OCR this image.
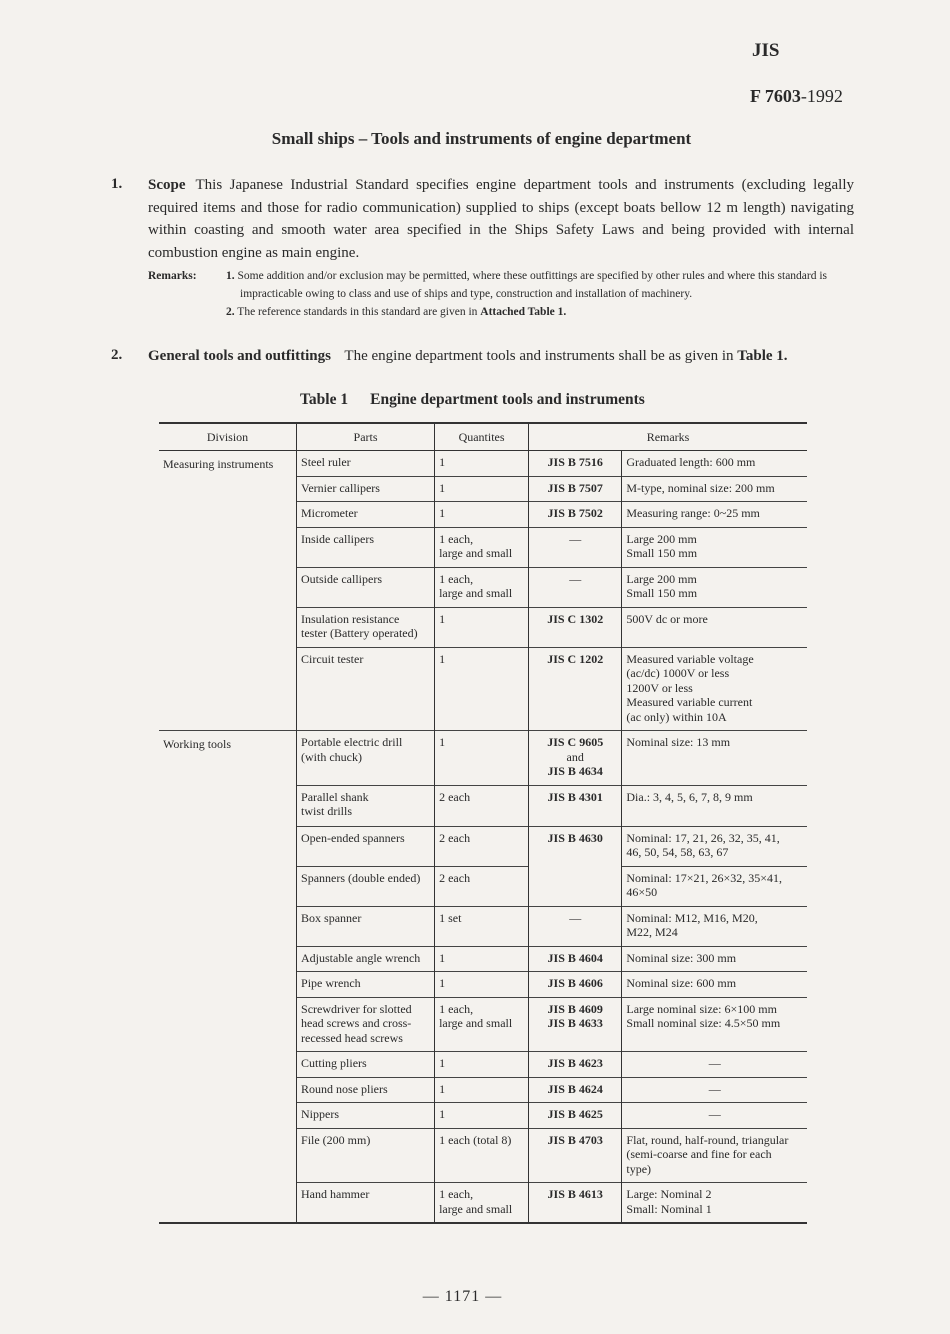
JIS
F 7603-1992
Small ships – Tools and instruments of engine department
1. Scope This Japanese Industrial Standard specifies engine department tools and instruments (excluding legally required items and those for radio communication) supplied to ships (except boats bellow 12 m length) navigating within coasting and smooth water area specified in the Ships Safety Laws and being provided with internal combustion engine as main engine.
Remarks:	1. Some addition and/or exclusion may be permitted, where these outfittings are specified by other rules and where this standard is impracticable owing to class and use of ships and type, construction and installation of machinery.
2. The reference standards in this standard are given in Attached Table 1.
2. General tools and outfittings The engine department tools and instruments shall be as given in Table 1.
Table 1 Engine department tools and instruments
Division	Parts	Quantites	Remarks	
Measuring instruments	Steel ruler	1	JIS B 7516	Graduated length: 600 mm
	Vernier callipers	1	JIS B 7507	M-type, nominal size: 200 mm
	Micrometer	1	JIS B 7502	Measuring range: 0~25 mm
	Inside callipers	1 each,
large and small	—	Large 200 mm
Small 150 mm
	Outside callipers	1 each,
large and small	—	Large 200 mm
Small 150 mm
	Insulation resistance
tester (Battery operated)	1	JIS C 1302	500V dc or more
	Circuit tester	1	JIS C 1202	Measured variable voltage
(ac/dc) 1000V or less
1200V or less
Measured variable current
(ac only) within 10A
Working tools	Portable electric drill
(with chuck)	1	JIS C 9605
and
JIS B 4634	Nominal size: 13 mm
	Parallel shank
twist drills	2 each	JIS B 4301	Dia.: 3, 4, 5, 6, 7, 8, 9 mm
	Open-ended spanners	2 each	JIS B 4630	Nominal: 17, 21, 26, 32, 35, 41,
46, 50, 54, 58, 63, 67
	Spanners (double ended)	2 each		Nominal: 17×21, 26×32, 35×41,
46×50
	Box spanner	1 set	—	Nominal: M12, M16, M20,
M22, M24
	Adjustable angle wrench	1	JIS B 4604	Nominal size: 300 mm
	Pipe wrench	1	JIS B 4606	Nominal size: 600 mm
	Screwdriver for slotted
head screws and cross-
recessed head screws	1 each,
large and small	JIS B 4609
JIS B 4633	Large nominal size: 6×100 mm
Small nominal size: 4.5×50 mm
	Cutting pliers	1	JIS B 4623	—
	Round nose pliers	1	JIS B 4624	—
	Nippers	1	JIS B 4625	—
	File (200 mm)	1 each (total 8)	JIS B 4703	Flat, round, half-round, triangular
(semi-coarse and fine for each
type)
	Hand hammer	1 each,
large and small	JIS B 4613	Large: Nominal 2
Small: Nominal 1
— 1171 —
